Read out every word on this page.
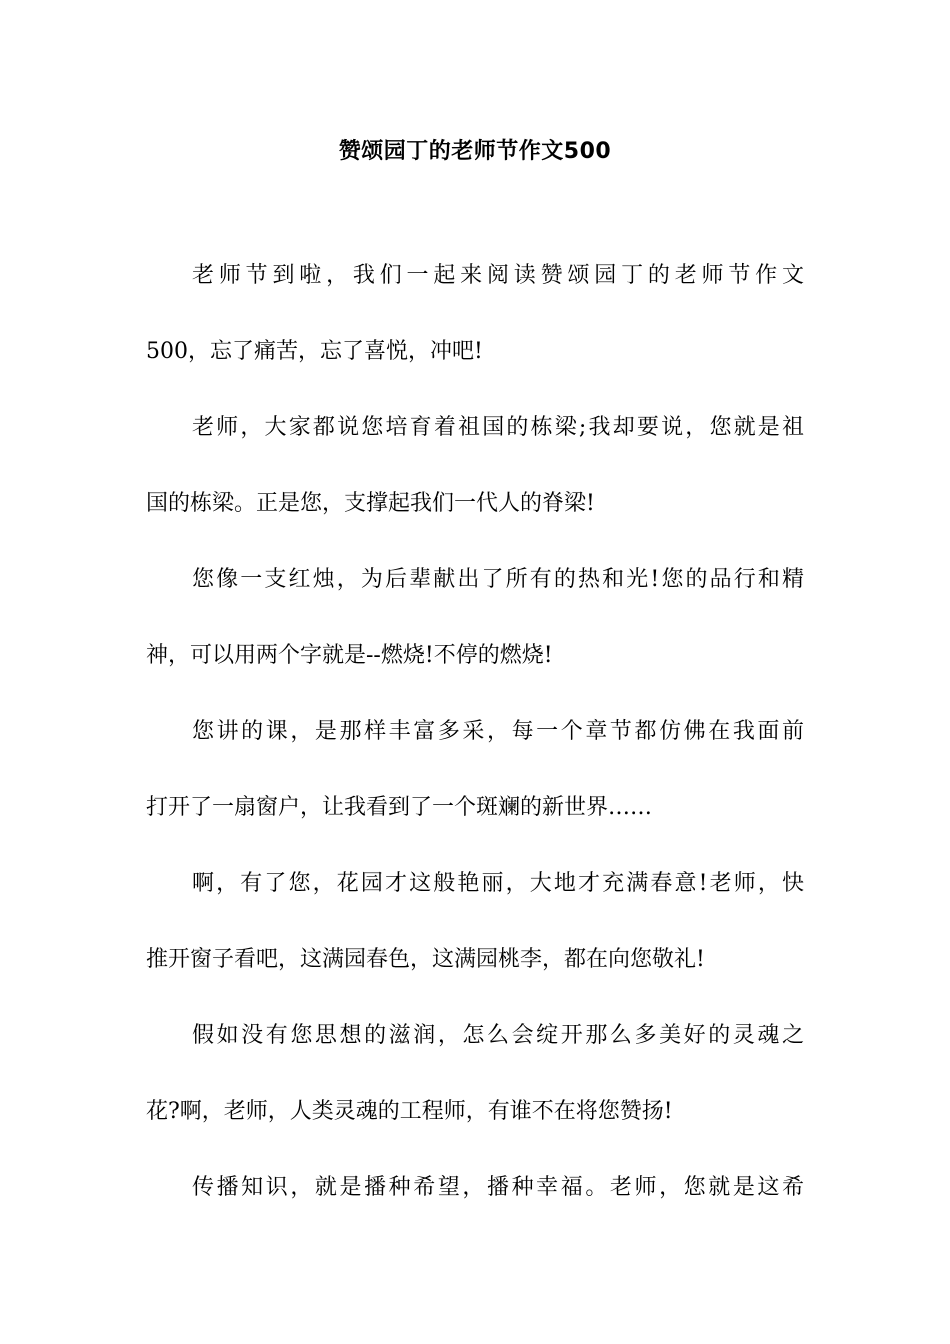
赞颂园丁的老师节作文500
老师节到啦，我们一起来阅读赞颂园丁的老师节作文
500，忘了痛苦，忘了喜悦，冲吧!
老师，大家都说您培育着祖国的栋梁;我却要说，您就是祖
国的栋梁。正是您，支撑起我们一代人的脊梁!
您像一支红烛，为后辈献出了所有的热和光!您的品行和精
神，可以用两个字就是--燃烧!不停的燃烧!
您讲的课，是那样丰富多采，每一个章节都仿佛在我面前
打开了一扇窗户，让我看到了一个斑斓的新世界……
啊，有了您，花园才这般艳丽，大地才充满春意!老师，快
推开窗子看吧，这满园春色，这满园桃李，都在向您敬礼!
假如没有您思想的滋润，怎么会绽开那么多美好的灵魂之
花?啊，老师，人类灵魂的工程师，有谁不在将您赞扬!
传播知识，就是播种希望，播种幸福。老师，您就是这希
